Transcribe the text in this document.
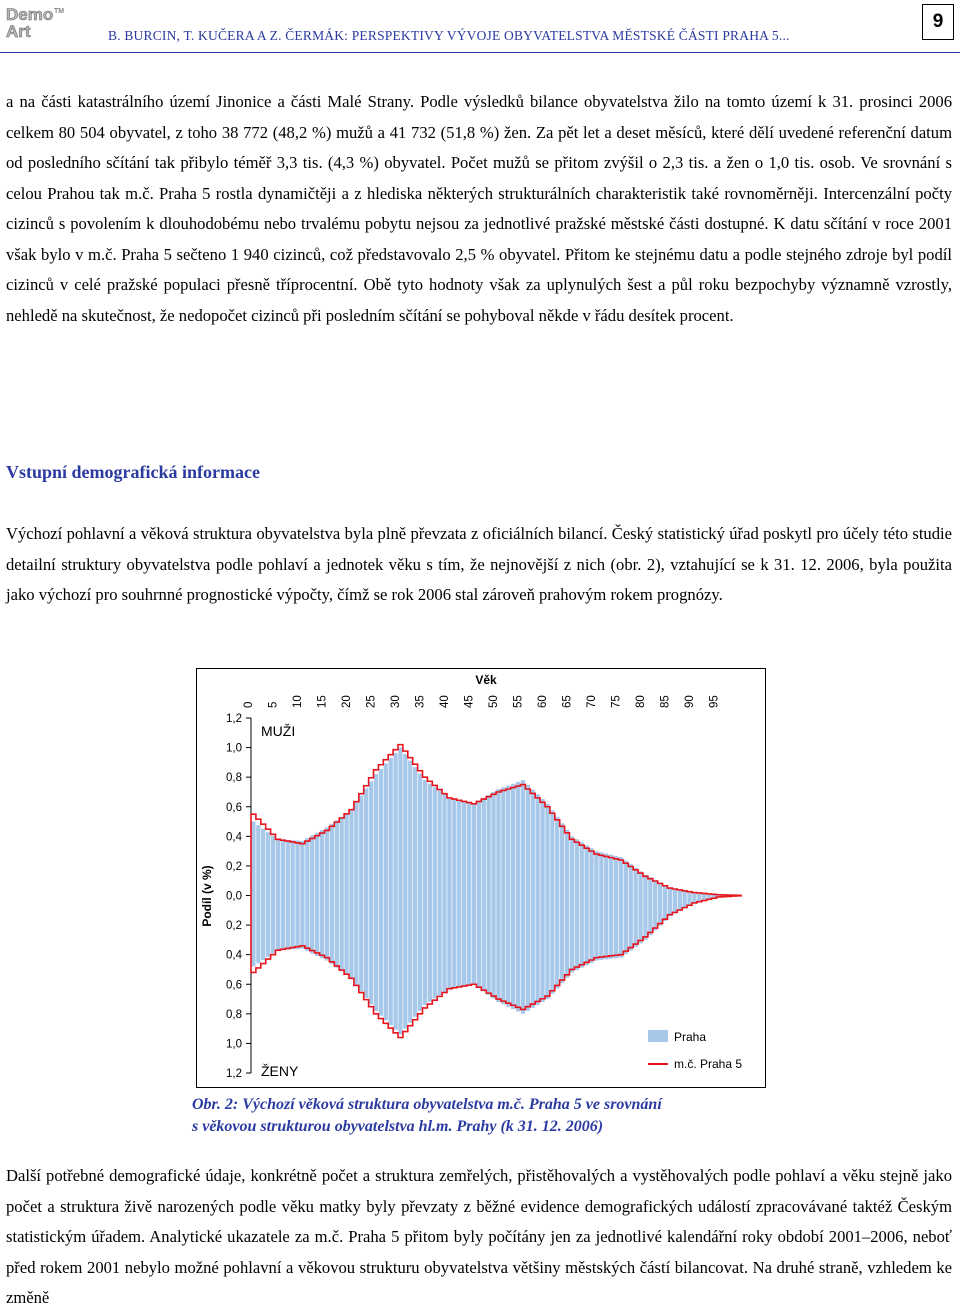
Demo
Art
TM
B. BURCIN, T. KUČERA A Z. ČERMÁK: PERSPEKTIVY VÝVOJE OBYVATELSTVA MĚSTSKÉ ČÁSTI PRAHA 5...
9

a na části katastrálního území Jinonice a části Malé Strany. Podle výsledků bilance obyvatelstva žilo na tomto území k 31. prosinci 2006 celkem 80 504 obyvatel, z toho 38 772 (48,2 %) mužů a 41 732 (51,8 %) žen. Za pět let a deset měsíců, které dělí uvedené referenční datum od posledního sčítání tak přibylo téměř 3,3 tis. (4,3 %) obyvatel. Počet mužů se přitom zvýšil o 2,3 tis. a žen o 1,0 tis. osob. Ve srovnání s celou Prahou tak m.č. Praha 5 rostla dynamičtěji a z hlediska některých strukturálních charakteristik také rovnoměrněji. Intercenzální počty cizinců s povolením k dlouhodobému nebo trvalému pobytu nejsou za jednotlivé pražské městské části dostupné. K datu sčítání v roce 2001 však bylo v m.č. Praha 5 sečteno 1 940 cizinců, což představovalo 2,5 % obyvatel. Přitom ke stejnému datu a podle stejného zdroje byl podíl cizinců v celé pražské populaci přesně tříprocentní. Obě tyto hodnoty však za uplynulých šest a půl roku bezpochyby významně vzrostly, nehledě na skutečnost, že nedopočet cizinců při posledním sčítání se pohyboval někde v řádu desítek procent.

Vstupní demografická informace

Výchozí pohlavní a věková struktura obyvatelstva byla plně převzata z oficiálních bilancí. Český statistický úřad poskytl pro účely této studie detailní struktury obyvatelstva podle pohlaví a jednotek věku s tím, že nejnovější z nich (obr. 2), vztahující se k 31. 12. 2006, byla použita jako výchozí pro souhrnné prognostické výpočty, čímž se rok 2006 stal zároveň prahovým rokem prognózy.

1,2
1,0
0,8
0,6
0,4
0,2
0,0
0,2
0,4
0,6
0,8
1,0
1,2
0 5 10 15 20 25 30 35 40 45 50 55 60 65 70 75 80 85 90 95
Věk
Podíl (v %)
MUŽI
ŽENY
Praha
m.č. Praha 5
Obr. 2: Výchozí věková struktura obyvatelstva m.č. Praha 5 ve srovnání
s věkovou strukturou obyvatelstva hl.m. Prahy (k 31. 12. 2006)

Další potřebné demografické údaje, konkrétně počet a struktura zemřelých, přistěhovalých a vystěhovalých podle pohlaví a věku stejně jako počet a struktura živě narozených podle věku matky byly převzaty z běžné evidence demografických událostí zpracovávané taktéž Českým statistickým úřadem. Analytické ukazatele za m.č. Praha 5 přitom byly počítány jen za jednotlivé kalendářní roky období 2001–2006, neboť před rokem 2001 nebylo možné pohlavní a věkovou strukturu obyvatelstva většiny městských částí bilancovat. Na druhé straně, vzhledem ke změně
